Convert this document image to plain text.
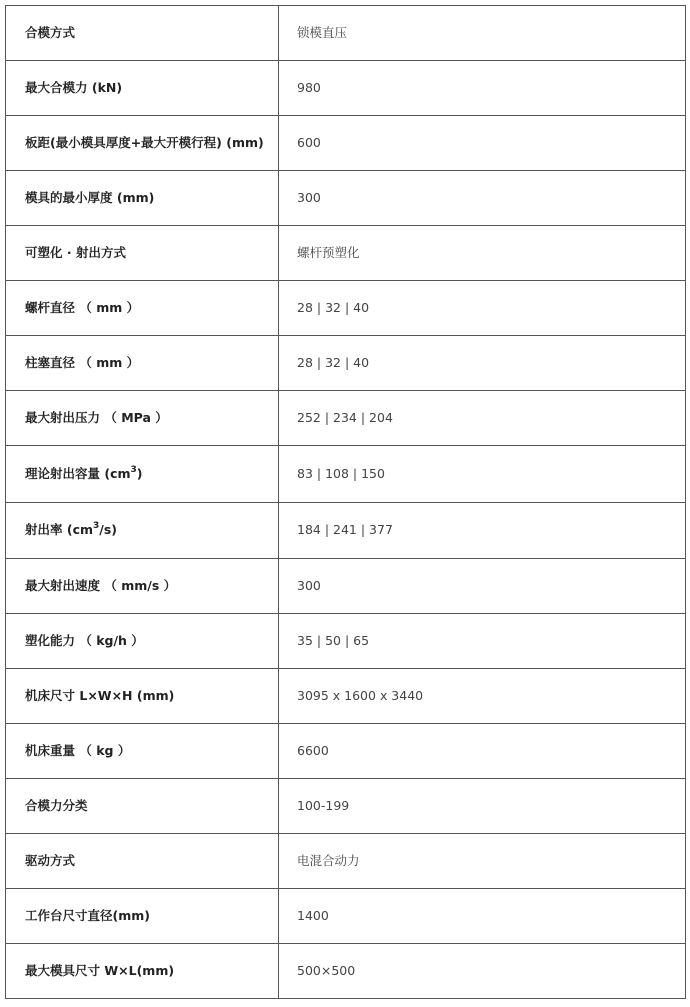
合模方式	锁模直压
最大合模力 (kN)	980
板距(最小模具厚度+最大开模行程) (mm)	600
模具的最小厚度 (mm)	300
可塑化 · 射出方式	螺杆预塑化
螺杆直径 （ mm ）	28 | 32 | 40
柱塞直径 （ mm ）	28 | 32 | 40
最大射出压力 （ MPa ）	252 | 234 | 204
理论射出容量 $(cm^3)$	83 | 108 | 150
射出率 $(cm^3/s)$	184 | 241 | 377
最大射出速度 （ mm/s ）	300
塑化能力 （ kg/h ）	35 | 50 | 65
机床尺寸 L×W×H (mm)	3095 x 1600 x 3440
机床重量 （ kg ）	6600
合模力分类	100-199
驱动方式	电混合动力
工作台尺寸直径(mm)	1400
最大模具尺寸 W×L(mm)	500×500
